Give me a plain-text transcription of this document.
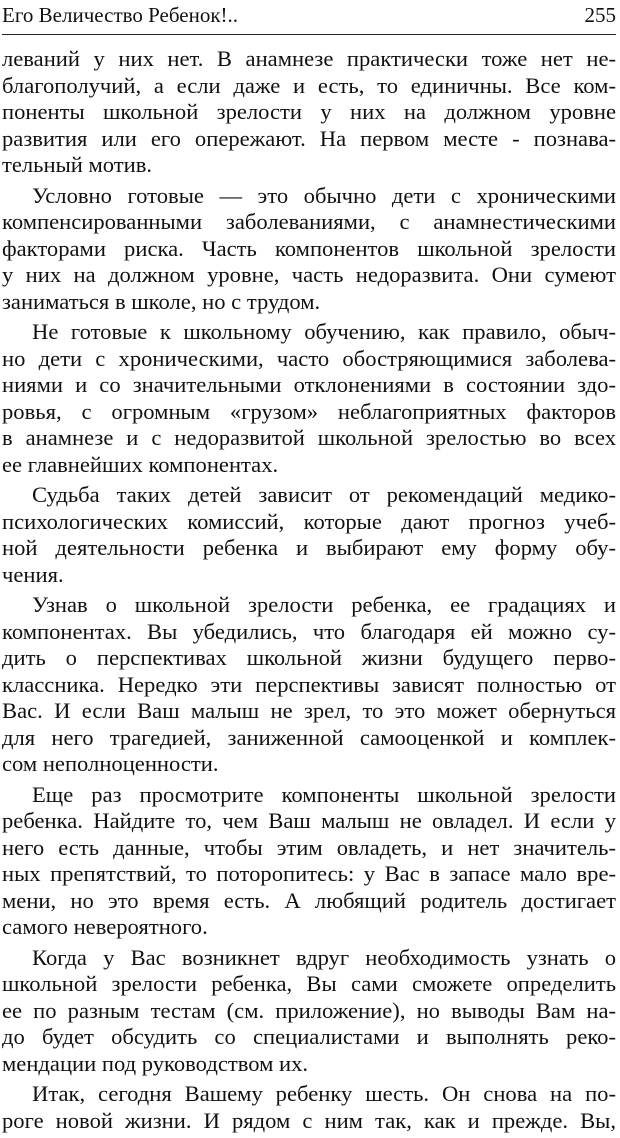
Его Величество Ребенок!..	255
леваний у них нет. В анамнезе практически тоже нет не-
благополучий, а если даже и есть, то единичны. Все ком-
поненты школьной зрелости у них на должном уровне
развития или его опережают. На первом месте - познава-
тельный мотив.
Условно готовые — это обычно дети с хроническими
компенсированными заболеваниями, с анамнестическими
факторами риска. Часть компонентов школьной зрелости
у них на должном уровне, часть недоразвита. Они сумеют
заниматься в школе, но с трудом.
Не готовые к школьному обучению, как правило, обыч-
но дети с хроническими, часто обостряющимися заболева-
ниями и со значительными отклонениями в состоянии здо-
ровья, с огромным «грузом» неблагоприятных факторов
в анамнезе и с недоразвитой школьной зрелостью во всех
ее главнейших компонентах.
Судьба таких детей зависит от рекомендаций медико-
психологических комиссий, которые дают прогноз учеб-
ной деятельности ребенка и выбирают ему форму обу-
чения.
Узнав о школьной зрелости ребенка, ее градациях и
компонентах. Вы убедились, что благодаря ей можно су-
дить о перспективах школьной жизни будущего перво-
классника. Нередко эти перспективы зависят полностью от
Вас. И если Ваш малыш не зрел, то это может обернуться
для него трагедией, заниженной самооценкой и комплек-
сом неполноценности.
Еще раз просмотрите компоненты школьной зрелости
ребенка. Найдите то, чем Ваш малыш не овладел. И если у
него есть данные, чтобы этим овладеть, и нет значитель-
ных препятствий, то поторопитесь: у Вас в запасе мало вре-
мени, но это время есть. А любящий родитель достигает
самого невероятного.
Когда у Вас возникнет вдруг необходимость узнать о
школьной зрелости ребенка, Вы сами сможете определить
ее по разным тестам (см. приложение), но выводы Вам на-
до будет обсудить со специалистами и выполнять реко-
мендации под руководством их.
Итак, сегодня Вашему ребенку шесть. Он снова на по-
роге новой жизни. И рядом с ним так, как и прежде. Вы,
